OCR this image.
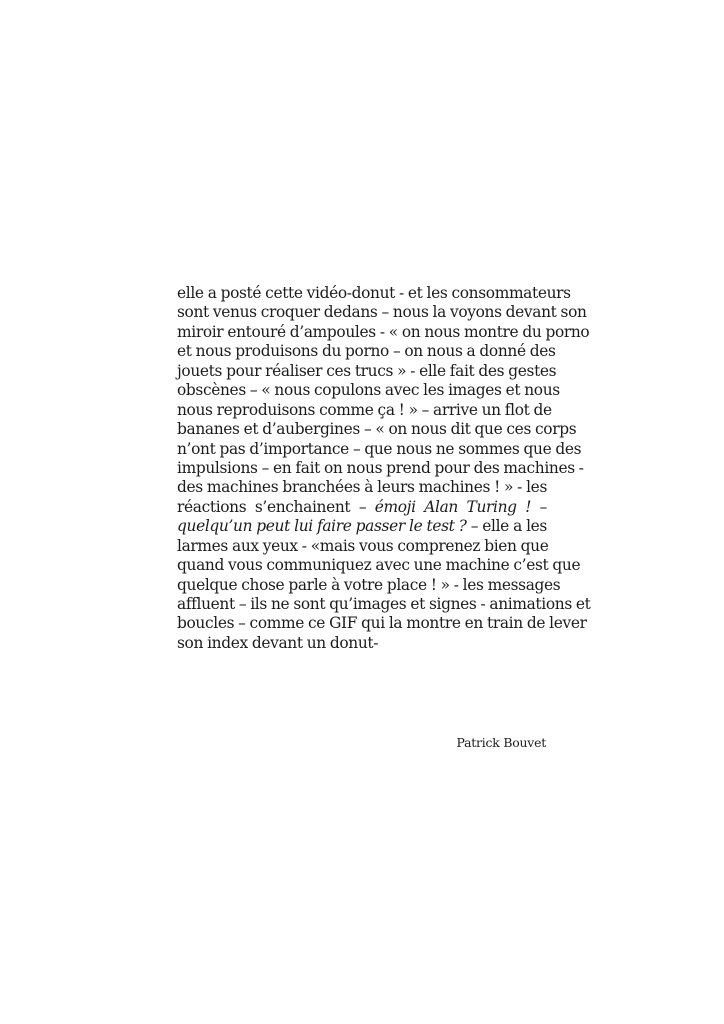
elle a posté cette vidéo-donut - et les consommateurs
sont venus croquer dedans – nous la voyons devant son
miroir entouré d’ampoules - « on nous montre du porno
et nous produisons du porno – on nous a donné des
jouets pour réaliser ces trucs » - elle fait des gestes
obscènes – « nous copulons avec les images et nous
nous reproduisons comme ça ! » – arrive un flot de
bananes et d’aubergines – « on nous dit que ces corps
n’ont pas d’importance – que nous ne sommes que des
impulsions – en fait on nous prend pour des machines -
des machines branchées à leurs machines ! » - les
réactions s’enchainent – émoji Alan Turing ! –
quelqu’un peut lui faire passer le test ? – elle a les
larmes aux yeux - «mais vous comprenez bien que
quand vous communiquez avec une machine c’est que
quelque chose parle à votre place ! » - les messages
affluent – ils ne sont qu’images et signes - animations et
boucles – comme ce GIF qui la montre en train de lever
son index devant un donut-
Patrick Bouvet
